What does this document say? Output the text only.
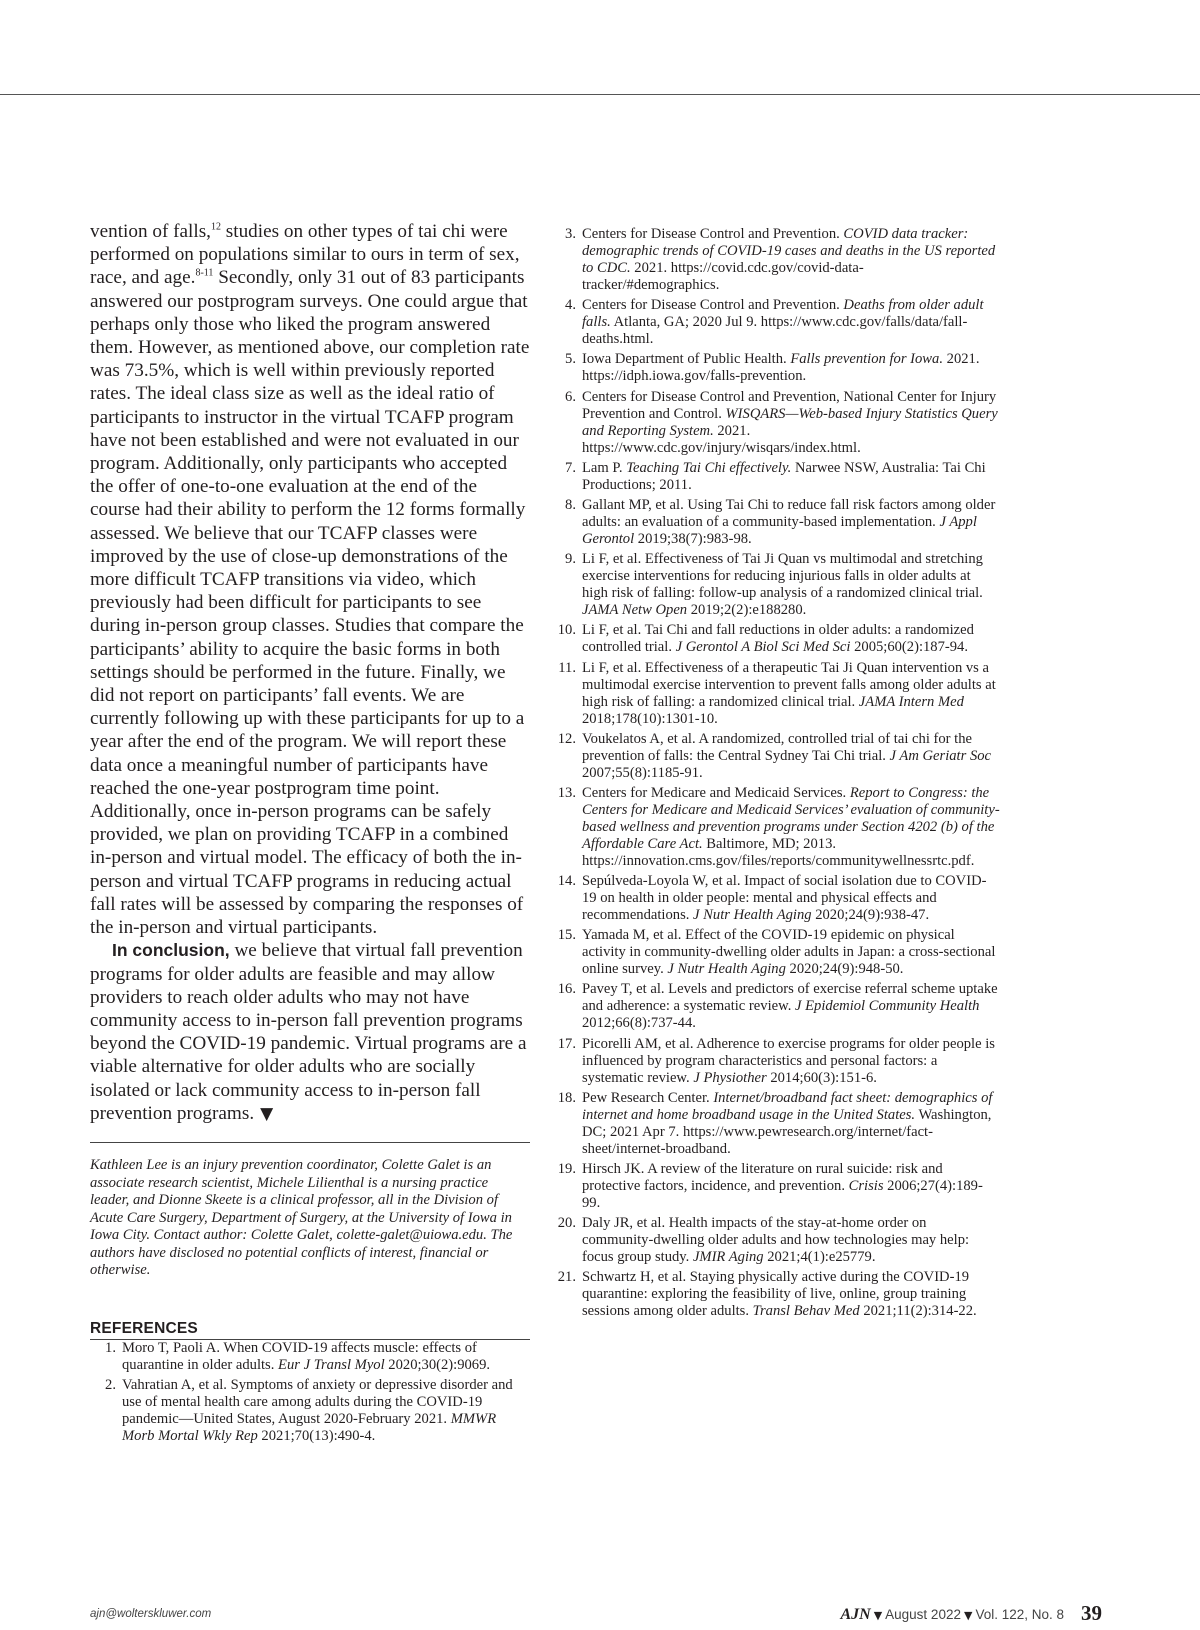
vention of falls,$^{12}$ studies on other types of tai chi were performed on populations similar to ours in term of sex, race, and age.$^{8-11}$ Secondly, only 31 out of 83 participants answered our postprogram surveys. One could argue that perhaps only those who liked the program answered them. However, as mentioned above, our completion rate was 73.5%, which is well within previously reported rates. The ideal class size as well as the ideal ratio of participants to instructor in the virtual TCAFP program have not been established and were not evaluated in our program. Additionally, only participants who accepted the offer of one-to-one evaluation at the end of the course had their ability to perform the 12 forms formally assessed. We believe that our TCAFP classes were improved by the use of close-up demonstrations of the more difficult TCAFP transitions via video, which previously had been difficult for participants to see during in-person group classes. Studies that compare the participants’ ability to acquire the basic forms in both settings should be performed in the future. Finally, we did not report on participants’ fall events. We are currently following up with these participants for up to a year after the end of the program. We will report these data once a meaningful number of participants have reached the one-year postprogram time point. Additionally, once in-person programs can be safely provided, we plan on providing TCAFP in a combined in-person and virtual model. The efficacy of both the in-person and virtual TCAFP programs in reducing actual fall rates will be assessed by comparing the responses of the in-person and virtual participants.

In conclusion, we believe that virtual fall prevention programs for older adults are feasible and may allow providers to reach older adults who may not have community access to in-person fall prevention programs beyond the COVID-19 pandemic. Virtual programs are a viable alternative for older adults who are socially isolated or lack community access to in-person fall prevention programs. ▼

Kathleen Lee is an injury prevention coordinator, Colette Galet is an associate research scientist, Michele Lilienthal is a nursing practice leader, and Dionne Skeete is a clinical professor, all in the Division of Acute Care Surgery, Department of Surgery, at the University of Iowa in Iowa City. Contact author: Colette Galet, colette-galet@uiowa.edu. The authors have disclosed no potential conflicts of interest, financial or otherwise.

REFERENCES
1. Moro T, Paoli A. When COVID-19 affects muscle: effects of quarantine in older adults. Eur J Transl Myol 2020;30(2):9069.
2. Vahratian A, et al. Symptoms of anxiety or depressive disorder and use of mental health care among adults during the COVID-19 pandemic—United States, August 2020-February 2021. MMWR Morb Mortal Wkly Rep 2021;70(13):490-4.
3. Centers for Disease Control and Prevention. COVID data tracker: demographic trends of COVID-19 cases and deaths in the US reported to CDC. 2021. https://covid.cdc.gov/covid-data-tracker/#demographics.
4. Centers for Disease Control and Prevention. Deaths from older adult falls. Atlanta, GA; 2020 Jul 9. https://www.cdc.gov/falls/data/fall-deaths.html.
5. Iowa Department of Public Health. Falls prevention for Iowa. 2021. https://idph.iowa.gov/falls-prevention.
6. Centers for Disease Control and Prevention, National Center for Injury Prevention and Control. WISQARS—Web-based Injury Statistics Query and Reporting System. 2021. https://www.cdc.gov/injury/wisqars/index.html.
7. Lam P. Teaching Tai Chi effectively. Narwee NSW, Australia: Tai Chi Productions; 2011.
8. Gallant MP, et al. Using Tai Chi to reduce fall risk factors among older adults: an evaluation of a community-based implementation. J Appl Gerontol 2019;38(7):983-98.
9. Li F, et al. Effectiveness of Tai Ji Quan vs multimodal and stretching exercise interventions for reducing injurious falls in older adults at high risk of falling: follow-up analysis of a randomized clinical trial. JAMA Netw Open 2019;2(2):e188280.
10. Li F, et al. Tai Chi and fall reductions in older adults: a randomized controlled trial. J Gerontol A Biol Sci Med Sci 2005;60(2):187-94.
11. Li F, et al. Effectiveness of a therapeutic Tai Ji Quan intervention vs a multimodal exercise intervention to prevent falls among older adults at high risk of falling: a randomized clinical trial. JAMA Intern Med 2018;178(10):1301-10.
12. Voukelatos A, et al. A randomized, controlled trial of tai chi for the prevention of falls: the Central Sydney Tai Chi trial. J Am Geriatr Soc 2007;55(8):1185-91.
13. Centers for Medicare and Medicaid Services. Report to Congress: the Centers for Medicare and Medicaid Services’ evaluation of community-based wellness and prevention programs under Section 4202 (b) of the Affordable Care Act. Baltimore, MD; 2013. https://innovation.cms.gov/files/reports/communitywellnessrtc.pdf.
14. Sepúlveda-Loyola W, et al. Impact of social isolation due to COVID-19 on health in older people: mental and physical effects and recommendations. J Nutr Health Aging 2020;24(9):938-47.
15. Yamada M, et al. Effect of the COVID-19 epidemic on physical activity in community-dwelling older adults in Japan: a cross-sectional online survey. J Nutr Health Aging 2020;24(9):948-50.
16. Pavey T, et al. Levels and predictors of exercise referral scheme uptake and adherence: a systematic review. J Epidemiol Community Health 2012;66(8):737-44.
17. Picorelli AM, et al. Adherence to exercise programs for older people is influenced by program characteristics and personal factors: a systematic review. J Physiother 2014;60(3):151-6.
18. Pew Research Center. Internet/broadband fact sheet: demographics of internet and home broadband usage in the United States. Washington, DC; 2021 Apr 7. https://www.pewresearch.org/internet/fact-sheet/internet-broadband.
19. Hirsch JK. A review of the literature on rural suicide: risk and protective factors, incidence, and prevention. Crisis 2006;27(4):189-99.
20. Daly JR, et al. Health impacts of the stay-at-home order on community-dwelling older adults and how technologies may help: focus group study. JMIR Aging 2021;4(1):e25779.
21. Schwartz H, et al. Staying physically active during the COVID-19 quarantine: exploring the feasibility of live, online, group training sessions among older adults. Transl Behav Med 2021;11(2):314-22.
ajn@wolterskluwer.com	AJN ▼ August 2022 ▼ Vol. 122, No. 8 39
